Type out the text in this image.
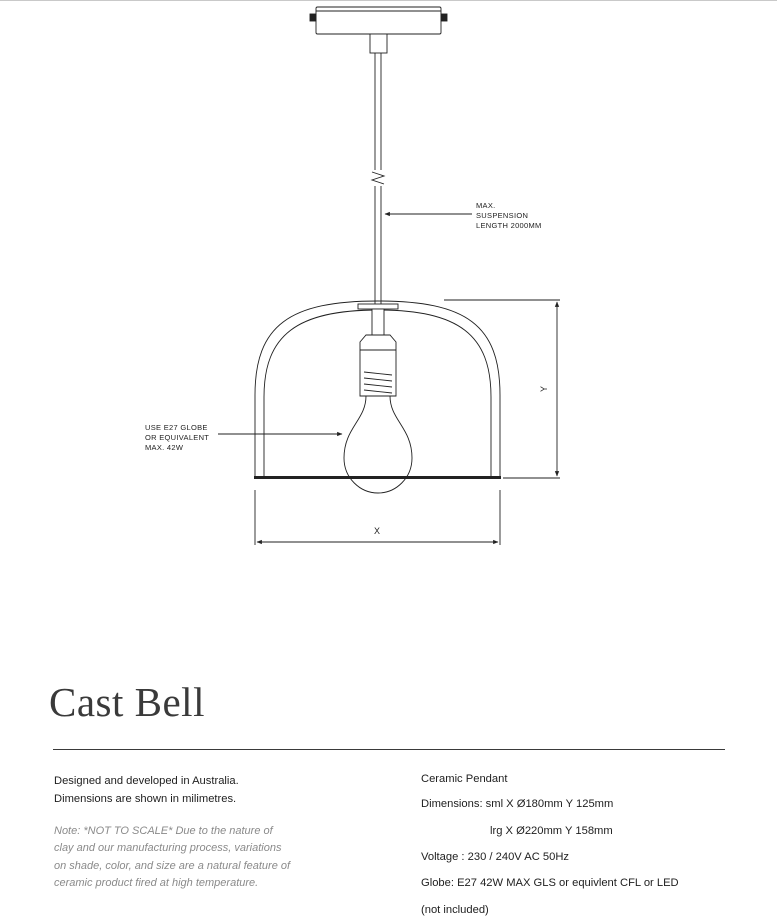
MAX.
SUSPENSION
LENGTH 2000MM
USE E27 GLOBE
OR EQUIVALENT
MAX. 42W
X
Y
Cast Bell
Designed and developed in Australia.
Dimensions are shown in milimetres.
Note: *NOT TO SCALE* Due to the nature of
clay and our manufacturing process, variations
on shade, color, and size are a natural feature of
ceramic product fired at high temperature.
Ceramic Pendant
Dimensions: sml X Ø180mm Y 125mm
lrg X Ø220mm Y 158mm
Voltage : 230 / 240V AC 50Hz
Globe: E27 42W MAX GLS or equivlent CFL or LED
(not included)
